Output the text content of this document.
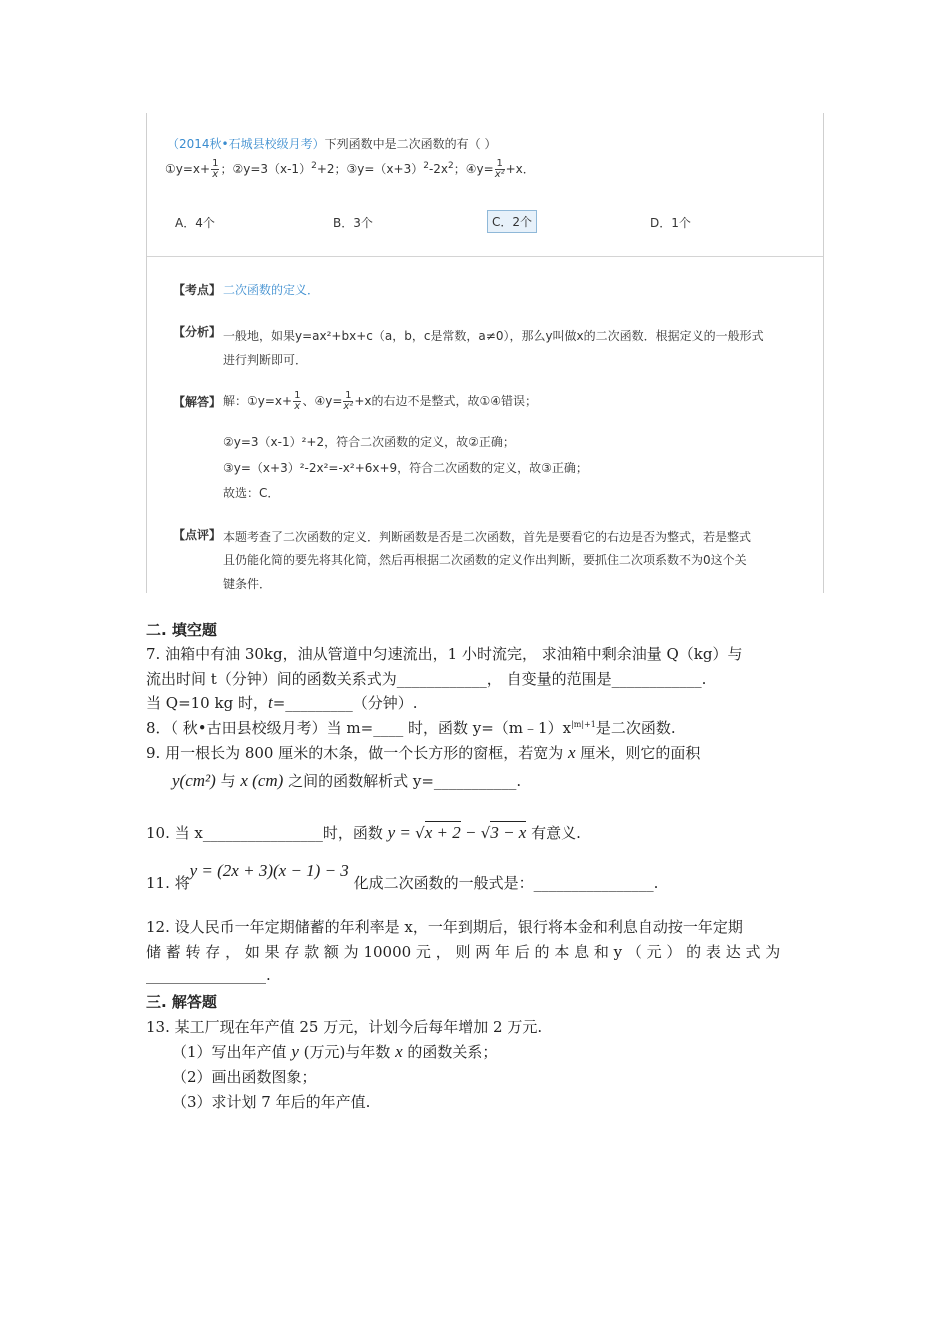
（2014秋•石城县校级月考）下列函数中是二次函数的有（ ）
①y=x+ $\frac{1}{x}$ ；$②y=3(x-1)^2+2$；$③y=(x+3)^2-2x^2$；④y= $\frac{1}{\text{x²}} +x$．
A．4个	B．3个	C．2个	D．1个
【考点】 二次函数的定义．
【分析】 一般地，如果y=ax²+bx+c（a，b，c是常数，a≠0），那么y叫做x的二次函数．根据定义的一般形式
进行判断即可．
【解答】 解：①y=x+ $\frac{1}{x}$ 、④y= $\frac{1}{\text{x²}} +x$的右边不是整式，故①④错误；
②y=3（x-1）²+2，符合二次函数的定义，故②正确；
③y=（x+3）²-2x²=-x²+6x+9，符合二次函数的定义，故③正确；
故选：C．
【点评】 本题考查了二次函数的定义．判断函数是否是二次函数，首先是要看它的右边是否为整式，若是整式
且仍能化简的要先将其化简，然后再根据二次函数的定义作出判断，要抓住二次项系数不为0这个关
键条件．
二. 填空题
7. 油箱中有油 30kg，油从管道中匀速流出，1 小时流完， 求油箱中剩余油量 Q（kg）与
流出时间 t（分钟）间的函数关系式为____________， 自变量的范围是____________.
当 Q=10 kg 时，t=_________（分钟）.
8．（ 秋•古田县校级月考）当 m=____ 时，函数 $y=(m﹣1)x^{|m|+1}$是二次函数.
9. 用一根长为 800 厘米的木条，做一个长方形的窗框，若宽为 x 厘米，则它的面积
y(cm²) 与 x (cm) 之间的函数解析式 y=___________.
10. 当 x________________时，函数 y = √x + 2 − √3 − x 有意义.
11. 将y = (2x + 3)(x − 1) − 3 化成二次函数的一般式是：________________.
12. 设人民币一年定期储蓄的年利率是 x，一年到期后，银行将本金和利息自动按一年定期
储 蓄 转 存 ， 如 果 存 款 额 为 10000 元 ， 则 两 年 后 的 本 息 和 y （ 元 ） 的 表 达 式 为
________________.
三. 解答题
13. 某工厂现在年产值 25 万元，计划今后每年增加 2 万元.
（1）写出年产值 y (万元)与年数 x 的函数关系；
（2）画出函数图象；
（3）求计划 7 年后的年产值.
